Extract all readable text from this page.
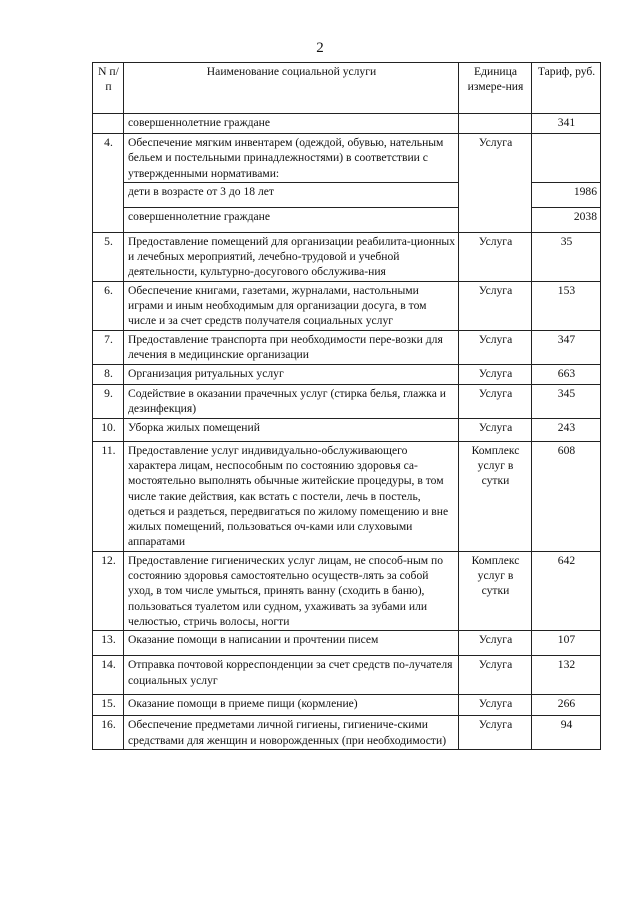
2
N п/п	Наименование социальной услуги	Единица измере-ния	Тариф, руб.
	совершеннолетние граждане		341
4.	Обеспечение мягким инвентарем (одеждой, обувью, нательным бельем и постельными принадлежностями) в соответствии с утвержденными нормативами:	Услуга	
	дети в возрасте от 3 до 18 лет		1986
	совершеннолетние граждане		2038
5.	Предоставление помещений для организации реабилита-ционных и лечебных мероприятий, лечебно-трудовой и учебной деятельности, культурно-досугового обслужива-ния	Услуга	35
6.	Обеспечение книгами, газетами, журналами, настольными играми и иным необходимым для организации досуга, в том числе и за счет средств получателя социальных услуг	Услуга	153
7.	Предоставление транспорта при необходимости пере-возки для лечения в медицинские организации	Услуга	347
8.	Организация ритуальных услуг	Услуга	663
9.	Содействие в оказании прачечных услуг (стирка белья, глажка и дезинфекция)	Услуга	345
10.	Уборка жилых помещений	Услуга	243
11.	Предоставление услуг индивидуально-обслуживающего характера лицам, неспособным по состоянию здоровья са-мостоятельно выполнять обычные житейские процедуры, в том числе такие действия, как встать с постели, лечь в постель, одеться и раздеться, передвигаться по жилому помещению и вне жилых помещений, пользоваться оч-ками или слуховыми аппаратами	Комплекс услуг в сутки	608
12.	Предоставление гигиенических услуг лицам, не способ-ным по состоянию здоровья самостоятельно осуществ-лять за собой уход, в том числе умыться, принять ванну (сходить в баню), пользоваться туалетом или судном, ухаживать за зубами или челюстью, стричь волосы, ногти	Комплекс услуг в сутки	642
13.	Оказание помощи в написании и прочтении писем	Услуга	107
14.	Отправка почтовой корреспонденции за счет средств по-лучателя социальных услуг	Услуга	132
15.	Оказание помощи в приеме пищи (кормление)	Услуга	266
16.	Обеспечение предметами личной гигиены, гигиениче-скими средствами для женщин и новорожденных (при необходимости)	Услуга	94
